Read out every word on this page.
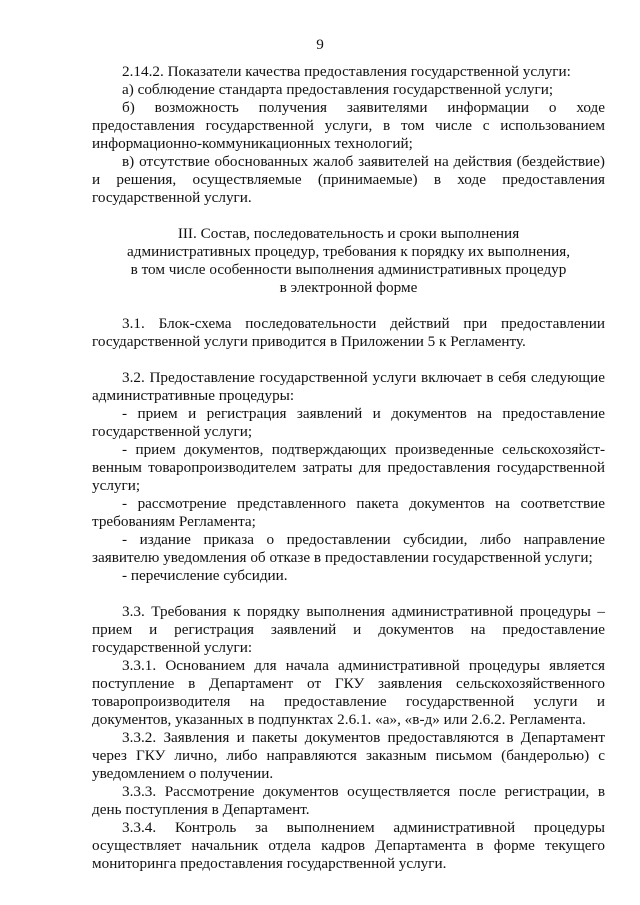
9

2.14.2. Показатели качества предоставления государственной услуги:

а) соблюдение стандарта предоставления государственной услуги;

б) возможность получения заявителями информации о ходе предоставления государственной услуги, в том числе с использованием информационно-коммуникационных технологий;

в) отсутствие обоснованных жалоб заявителей на действия (бездействие) и решения, осуществляемые (принимаемые) в ходе предоставления государственной услуги.

III. Состав, последовательность и сроки выполнения административных процедур, требования к порядку их выполнения, в том числе особенности выполнения административных процедур в электронной форме

3.1. Блок-схема последовательности действий при предоставлении государственной услуги приводится в Приложении 5 к Регламенту.

3.2. Предоставление государственной услуги включает в себя следующие административные процедуры:

- прием и регистрация заявлений и документов на предоставление государственной услуги;

- прием документов, подтверждающих произведенные сельскохозяйственным товаропроизводителем затраты для предоставления государственной услуги;

- рассмотрение представленного пакета документов на соответствие требованиям Регламента;

- издание приказа о предоставлении субсидии, либо направление заявителю уведомления об отказе в предоставлении государственной услуги;

- перечисление субсидии.

3.3. Требования к порядку выполнения административной процедуры – прием и регистрация заявлений и документов на предоставление государственной услуги:

3.3.1. Основанием для начала административной процедуры является поступление в Департамент от ГКУ заявления сельскохозяйственного товаропроизводителя на предоставление государственной услуги и документов, указанных в подпунктах 2.6.1. «а», «в-д» или 2.6.2. Регламента.

3.3.2. Заявления и пакеты документов предоставляются в Департамент через ГКУ лично, либо направляются заказным письмом (бандеролью) с уведомлением о получении.

3.3.3. Рассмотрение документов осуществляется после регистрации, в день поступления в Департамент.

3.3.4. Контроль за выполнением административной процедуры осуществляет начальник отдела кадров Департамента в форме текущего мониторинга предоставления государственной услуги.
